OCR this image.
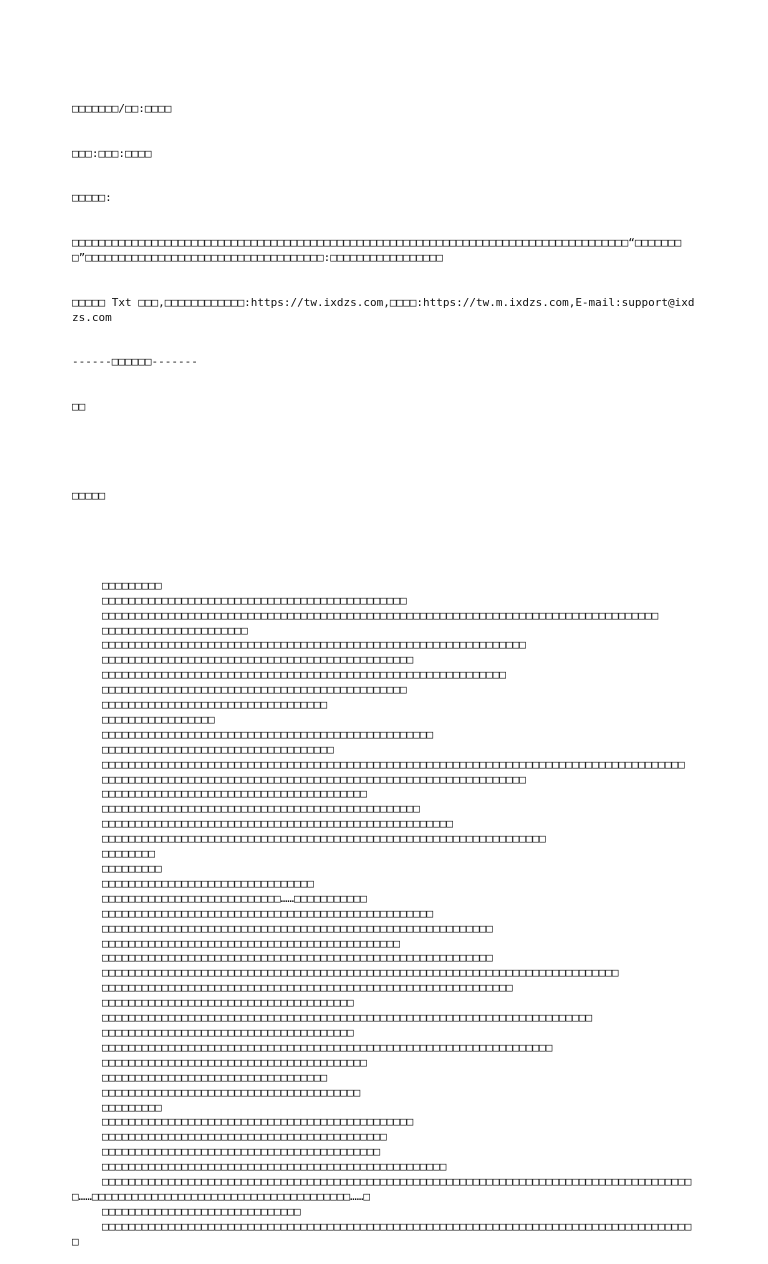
□□□□□□□/□□:□□□□

□□□:□□□:□□□□

□□□□□:

□□□□□□□□□□□□□□□□□□□□□□□□□□□□□□□□□□□□□□□□□□□□□□□□□□□□□□□□□□□□□□□□□□□□□□□□□□□□□□□□□□□□“□□□□□□□□”□□□□□□□□□□□□□□□□□□□□□□□□□□□□□□□□□□□□:□□□□□□□□□□□□□□□□□

□□□□□ Txt □□□,□□□□□□□□□□□□:https://tw.ixdzs.com,□□□□:https://tw.m.ixdzs.com,E-mail:support@ixdzs.com

------□□□□□□-------

□□

□□□□□

□□□□□□□□□
□□□□□□□□□□□□□□□□□□□□□□□□□□□□□□□□□□□□□□□□□□□□□□
□□□□□□□□□□□□□□□□□□□□□□□□□□□□□□□□□□□□□□□□□□□□□□□□□□□□□□□□□□□□□□□□□□□□□□□□□□□□□□□□□□□□
□□□□□□□□□□□□□□□□□□□□□□
□□□□□□□□□□□□□□□□□□□□□□□□□□□□□□□□□□□□□□□□□□□□□□□□□□□□□□□□□□□□□□□□
□□□□□□□□□□□□□□□□□□□□□□□□□□□□□□□□□□□□□□□□□□□□□□□
□□□□□□□□□□□□□□□□□□□□□□□□□□□□□□□□□□□□□□□□□□□□□□□□□□□□□□□□□□□□□
□□□□□□□□□□□□□□□□□□□□□□□□□□□□□□□□□□□□□□□□□□□□□□
□□□□□□□□□□□□□□□□□□□□□□□□□□□□□□□□□□
□□□□□□□□□□□□□□□□□
□□□□□□□□□□□□□□□□□□□□□□□□□□□□□□□□□□□□□□□□□□□□□□□□□□
□□□□□□□□□□□□□□□□□□□□□□□□□□□□□□□□□□□
□□□□□□□□□□□□□□□□□□□□□□□□□□□□□□□□□□□□□□□□□□□□□□□□□□□□□□□□□□□□□□□□□□□□□□□□□□□□□□□□□□□□□□□□
□□□□□□□□□□□□□□□□□□□□□□□□□□□□□□□□□□□□□□□□□□□□□□□□□□□□□□□□□□□□□□□□
□□□□□□□□□□□□□□□□□□□□□□□□□□□□□□□□□□□□□□□□
□□□□□□□□□□□□□□□□□□□□□□□□□□□□□□□□□□□□□□□□□□□□□□□□
□□□□□□□□□□□□□□□□□□□□□□□□□□□□□□□□□□□□□□□□□□□□□□□□□□□□□
□□□□□□□□□□□□□□□□□□□□□□□□□□□□□□□□□□□□□□□□□□□□□□□□□□□□□□□□□□□□□□□□□□□
□□□□□□□□
□□□□□□□□□
□□□□□□□□□□□□□□□□□□□□□□□□□□□□□□□□
□□□□□□□□□□□□□□□□□□□□□□□□□□□……□□□□□□□□□□□
□□□□□□□□□□□□□□□□□□□□□□□□□□□□□□□□□□□□□□□□□□□□□□□□□□
□□□□□□□□□□□□□□□□□□□□□□□□□□□□□□□□□□□□□□□□□□□□□□□□□□□□□□□□□□□
□□□□□□□□□□□□□□□□□□□□□□□□□□□□□□□□□□□□□□□□□□□□□
□□□□□□□□□□□□□□□□□□□□□□□□□□□□□□□□□□□□□□□□□□□□□□□□□□□□□□□□□□□
□□□□□□□□□□□□□□□□□□□□□□□□□□□□□□□□□□□□□□□□□□□□□□□□□□□□□□□□□□□□□□□□□□□□□□□□□□□□□□
□□□□□□□□□□□□□□□□□□□□□□□□□□□□□□□□□□□□□□□□□□□□□□□□□□□□□□□□□□□□□□
□□□□□□□□□□□□□□□□□□□□□□□□□□□□□□□□□□□□□□
□□□□□□□□□□□□□□□□□□□□□□□□□□□□□□□□□□□□□□□□□□□□□□□□□□□□□□□□□□□□□□□□□□□□□□□□□□
□□□□□□□□□□□□□□□□□□□□□□□□□□□□□□□□□□□□□□
□□□□□□□□□□□□□□□□□□□□□□□□□□□□□□□□□□□□□□□□□□□□□□□□□□□□□□□□□□□□□□□□□□□□
□□□□□□□□□□□□□□□□□□□□□□□□□□□□□□□□□□□□□□□□
□□□□□□□□□□□□□□□□□□□□□□□□□□□□□□□□□□
□□□□□□□□□□□□□□□□□□□□□□□□□□□□□□□□□□□□□□□
□□□□□□□□□
□□□□□□□□□□□□□□□□□□□□□□□□□□□□□□□□□□□□□□□□□□□□□□□
□□□□□□□□□□□□□□□□□□□□□□□□□□□□□□□□□□□□□□□□□□□
□□□□□□□□□□□□□□□□□□□□□□□□□□□□□□□□□□□□□□□□□□
□□□□□□□□□□□□□□□□□□□□□□□□□□□□□□□□□□□□□□□□□□□□□□□□□□□□
□□□□□□□□□□□□□□□□□□□□□□□□□□□□□□□□□□□□□□□□□□□□□□□□□□□□□□□□□□□□□□□□□□□□□□□□□□□□□□□□□□□□□□□□□□……□□□□□□□□□□□□□□□□□□□□□□□□□□□□□□□□□□□□□□□……□
□□□□□□□□□□□□□□□□□□□□□□□□□□□□□□
□□□□□□□□□□□□□□□□□□□□□□□□□□□□□□□□□□□□□□□□□□□□□□□□□□□□□□□□□□□□□□□□□□□□□□□□□□□□□□□□□□□□□□□□□□
